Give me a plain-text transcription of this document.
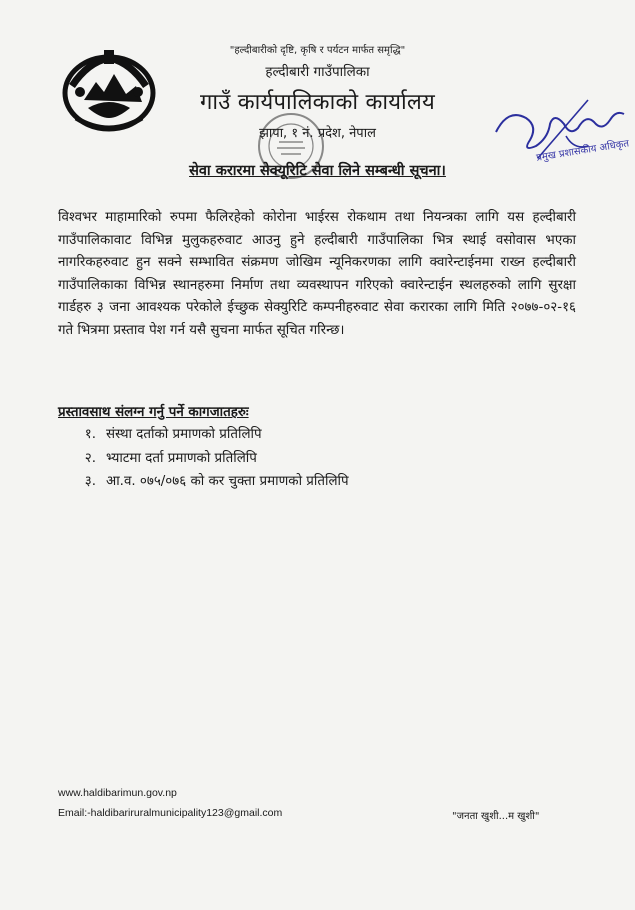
"हल्दीबारीको दृष्टि, कृषि र पर्यटन मार्फत समृद्धि"
हल्दीबारी गाउँपालिका
गाउँ कार्यपालिकाको कार्यालय
झापा, १ नं. प्रदेश, नेपाल
प्रमुख प्रशासकीय अधिकृत
सेवा करारमा सेक्यूरिटि सेवा लिने सम्बन्धी सूचना।

विश्वभर माहामारिको रुपमा फैलिरहेको कोरोना भाईरस रोकथाम तथा नियन्त्रका लागि यस हल्दीबारी गाउँपालिकावाट विभिन्न मुलुकहरुवाट आउनु हुने हल्दीबारी गाउँपालिका भित्र स्थाई वसोवास भएका नागरिकहरुवाट हुन सक्ने सम्भावित संक्रमण जोखिम न्यूनिकरणका लागि क्वारेन्टाईनमा राख्न हल्दीबारी गाउँपालिकाका विभिन्न स्थानहरुमा निर्माण तथा व्यवस्थापन गरिएको क्वारेन्टाईन स्थलहरुको लागि सुरक्षा गार्डहरु ३ जना आवश्यक परेकोले ईच्छुक सेक्युरिटि कम्पनीहरुवाट सेवा करारका लागि मिति २०७७-०२-१६ गते भित्रमा प्रस्ताव पेश गर्न यसै सुचना मार्फत सूचित गरिन्छ।

प्रस्तावसाथ संलग्न गर्नु पर्ने कागजातहरुः
१. संस्था दर्ताको प्रमाणको प्रतिलिपि
२. भ्याटमा दर्ता प्रमाणको प्रतिलिपि
३. आ.व. ०७५/०७६ को कर चुक्ता प्रमाणको प्रतिलिपि
www.haldibarimun.gov.np
Email:-haldibariruralmunicipality123@gmail.com	"जनता खुशी...म खुशी"
